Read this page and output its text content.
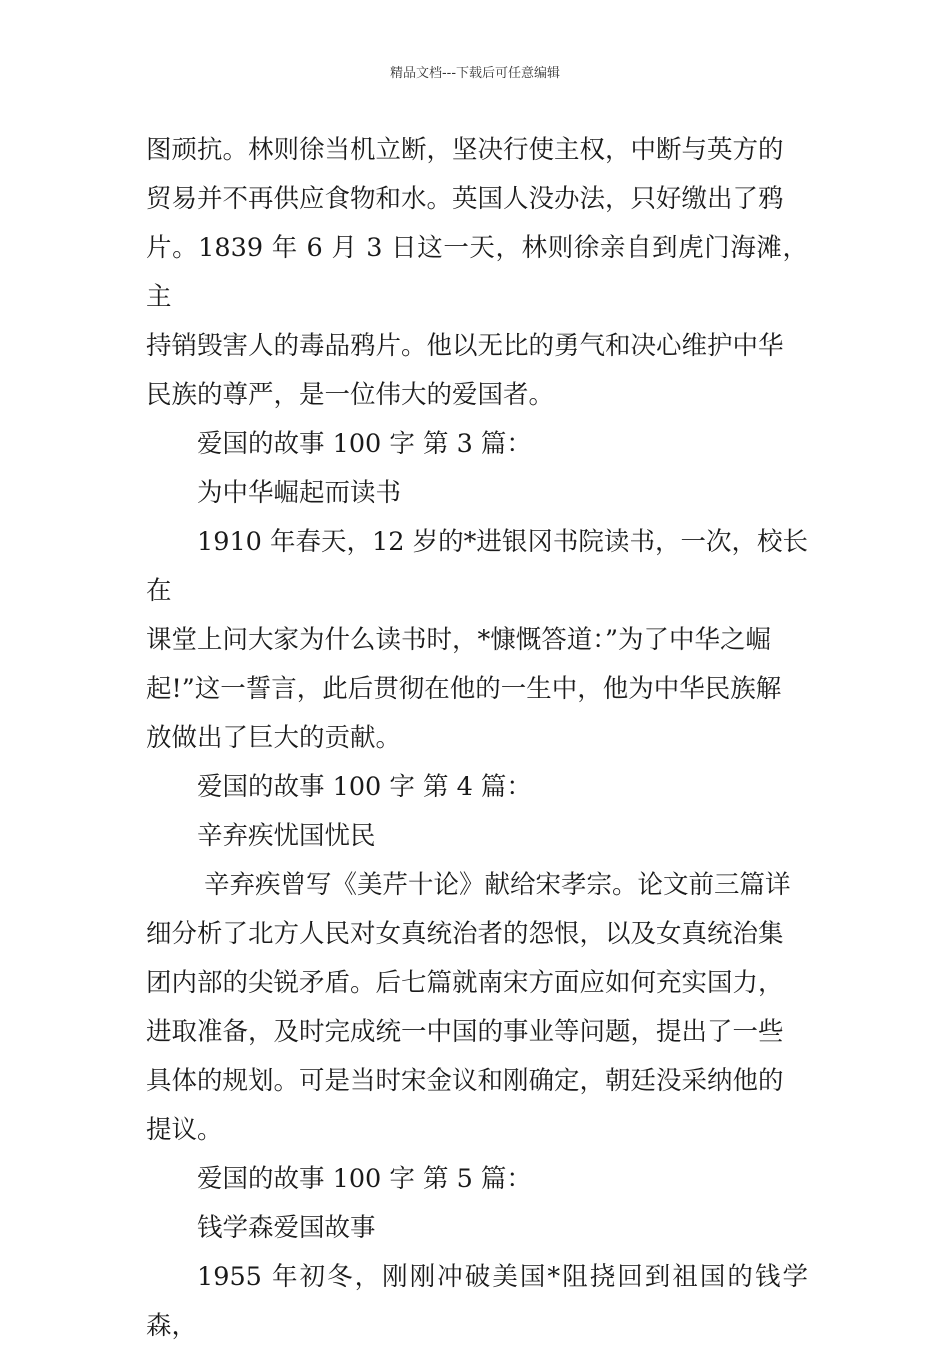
精品文档---下载后可任意编辑

图顽抗。林则徐当机立断，坚决行使主权，中断与英方的

贸易并不再供应食物和水。英国人没办法，只好缴出了鸦

片。1839 年 6 月 3 日这一天，林则徐亲自到虎门海滩，主

持销毁害人的毒品鸦片。他以无比的勇气和决心维护中华

民族的尊严，是一位伟大的爱国者。

爱国的故事 100 字 第 3 篇：

为中华崛起而读书

1910 年春天，12 岁的*进银冈书院读书，一次，校长在

课堂上问大家为什么读书时，*慷慨答道：”为了中华之崛

起!”这一誓言，此后贯彻在他的一生中，他为中华民族解

放做出了巨大的贡献。

爱国的故事 100 字 第 4 篇：

辛弃疾忧国忧民

辛弃疾曾写《美芹十论》献给宋孝宗。论文前三篇详

细分析了北方人民对女真统治者的怨恨，以及女真统治集

团内部的尖锐矛盾。后七篇就南宋方面应如何充实国力，

进取准备，及时完成统一中国的事业等问题，提出了一些

具体的规划。可是当时宋金议和刚确定，朝廷没采纳他的

提议。

爱国的故事 100 字 第 5 篇：

钱学森爱国故事

1955 年初冬，刚刚冲破美国*阻挠回到祖国的钱学森，
